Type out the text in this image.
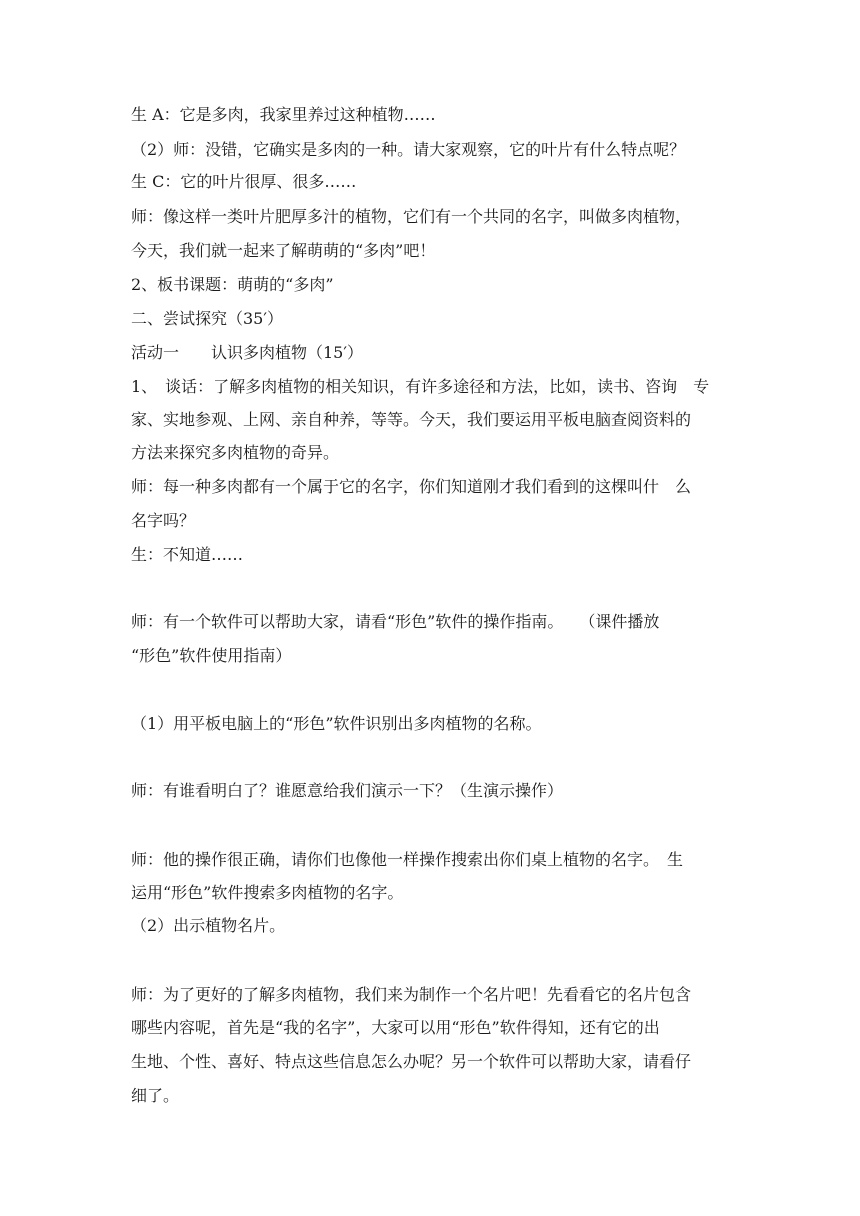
生 A：它是多肉，我家里养过这种植物……

（2）师：没错，它确实是多肉的一种。请大家观察，它的叶片有什么特点呢？

生 C：它的叶片很厚、很多……

师：像这样一类叶片肥厚多汁的植物，它们有一个共同的名字，叫做多肉植物，

今天，我们就一起来了解萌萌的“多肉”吧！

2、板书课题：萌萌的“多肉”

二、尝试探究（35′）

活动一　　认识多肉植物（15′）

1、　谈话：了解多肉植物的相关知识，有许多途径和方法，比如，读书、咨询　专

家、实地参观、上网、亲自种养，等等。今天，我们要运用平板电脑查阅资料的

方法来探究多肉植物的奇异。

师：每一种多肉都有一个属于它的名字，你们知道刚才我们看到的这棵叫什　么

名字吗？

生：不知道……

师：有一个软件可以帮助大家，请看“形色”软件的操作指南。　　（课件播放

“形色”软件使用指南）

（1）用平板电脑上的“形色”软件识别出多肉植物的名称。

师：有谁看明白了？谁愿意给我们演示一下？（生演示操作）

师：他的操作很正确，请你们也像他一样操作搜索出你们桌上植物的名字。　生

运用“形色”软件搜索多肉植物的名字。

（2）出示植物名片。

师：为了更好的了解多肉植物，我们来为制作一个名片吧！先看看它的名片包含

哪些内容呢，首先是“我的名字”，大家可以用“形色”软件得知，还有它的出

生地、个性、喜好、特点这些信息怎么办呢？另一个软件可以帮助大家，请看仔

细了。
